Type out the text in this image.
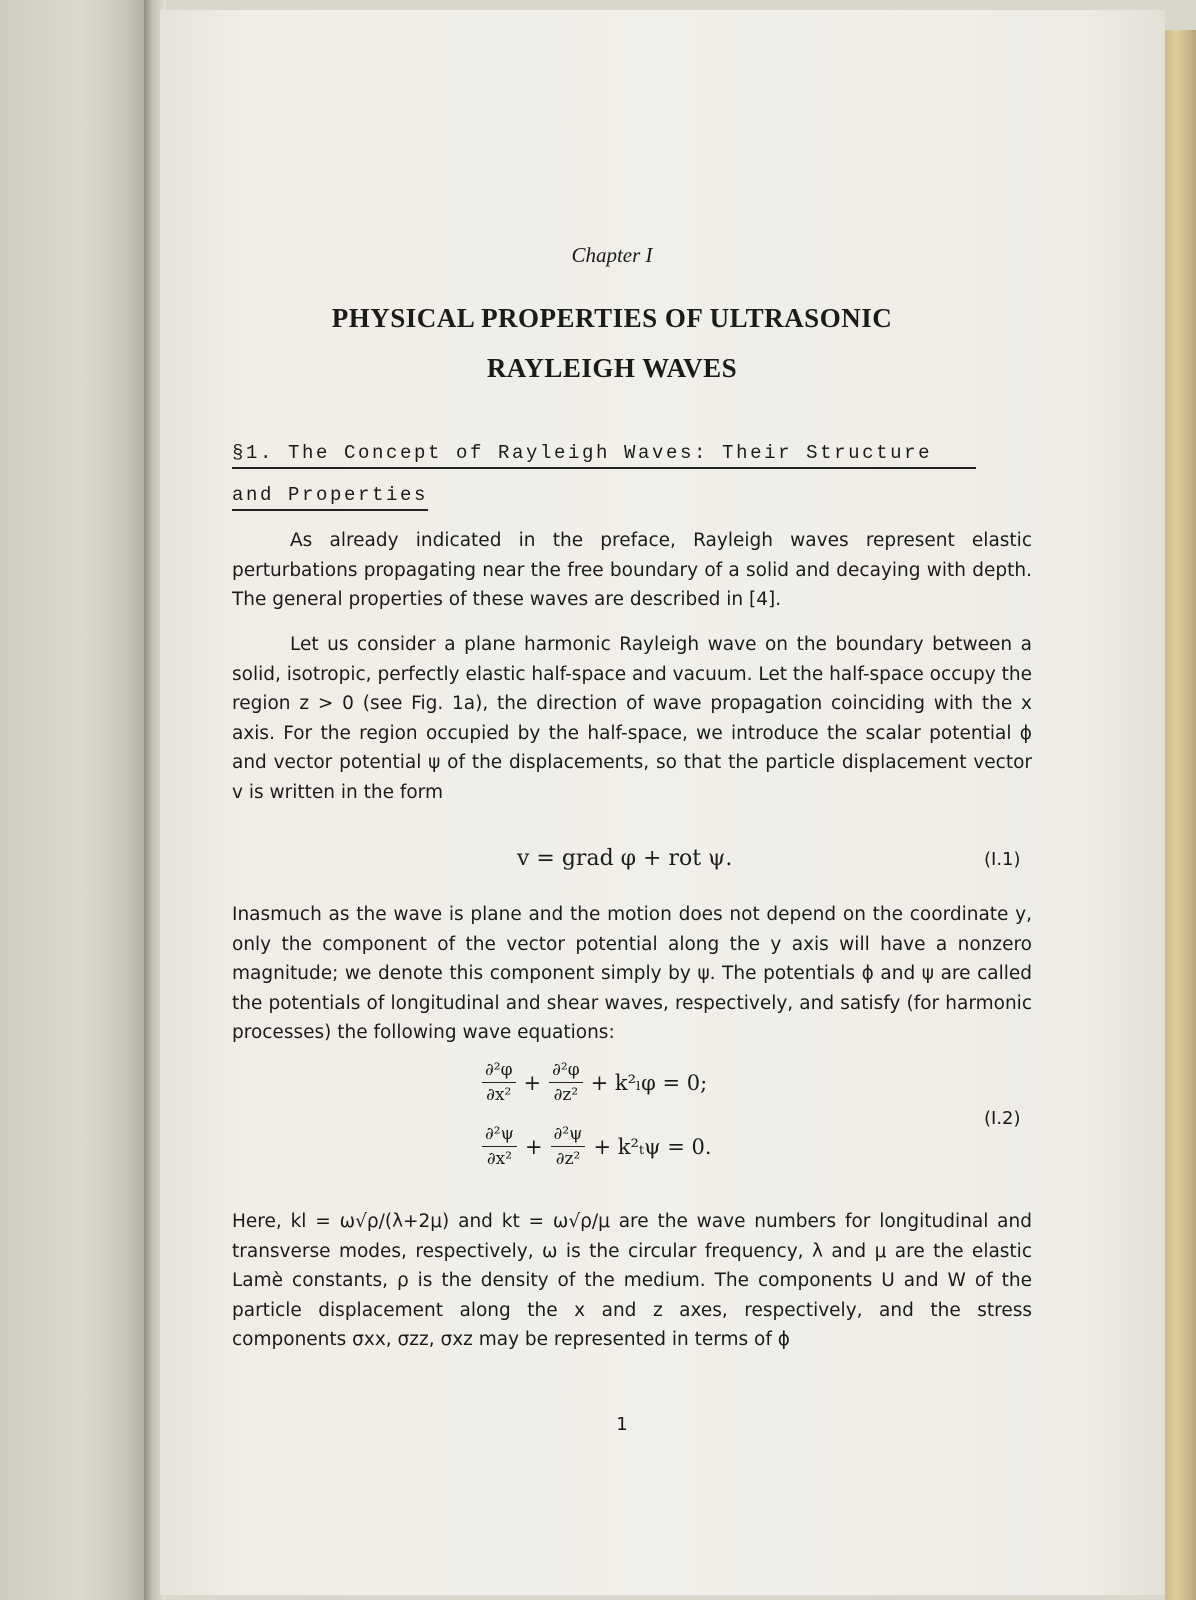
Chapter I
PHYSICAL PROPERTIES OF ULTRASONIC
RAYLEIGH WAVES
§1. The Concept of Rayleigh Waves: Their Structure
and Properties
As already indicated in the preface, Rayleigh waves represent elastic perturbations propagating near the free boundary of a solid and decaying with depth. The general properties of these waves are described in [4].
Let us consider a plane harmonic Rayleigh wave on the boundary between a solid, isotropic, perfectly elastic half-space and vacuum. Let the half-space occupy the region z > 0 (see Fig. 1a), the direction of wave propagation coinciding with the x axis. For the region occupied by the half-space, we introduce the scalar potential ϕ and vector potential ψ of the displacements, so that the particle displacement vector v is written in the form
v = grad φ + rot ψ.	(I.1)
Inasmuch as the wave is plane and the motion does not depend on the coordinate y, only the component of the vector potential along the y axis will have a nonzero magnitude; we denote this component simply by ψ. The potentials ϕ and ψ are called the potentials of longitudinal and shear waves, respectively, and satisfy (for harmonic processes) the following wave equations:
$\frac{\text{∂²φ}}{\text{∂x²}} + \frac{\text{∂²φ}}{\text{∂z²}} + k^2_l\varphi = 0$;
$\frac{\text{∂²ψ}}{\text{∂x²}} + \frac{\text{∂²ψ}}{\text{∂z²}} + k^2_t\psi = 0$.
(I.2)
Here, kl = ω√ρ/(λ+2μ) and kt = ω√ρ/μ are the wave numbers for longitudinal and transverse modes, respectively, ω is the circular frequency, λ and μ are the elastic Lamè constants, ρ is the density of the medium. The components U and W of the particle displacement along the x and z axes, respectively, and the stress components σxx, σzz, σxz may be represented in terms of ϕ
1
